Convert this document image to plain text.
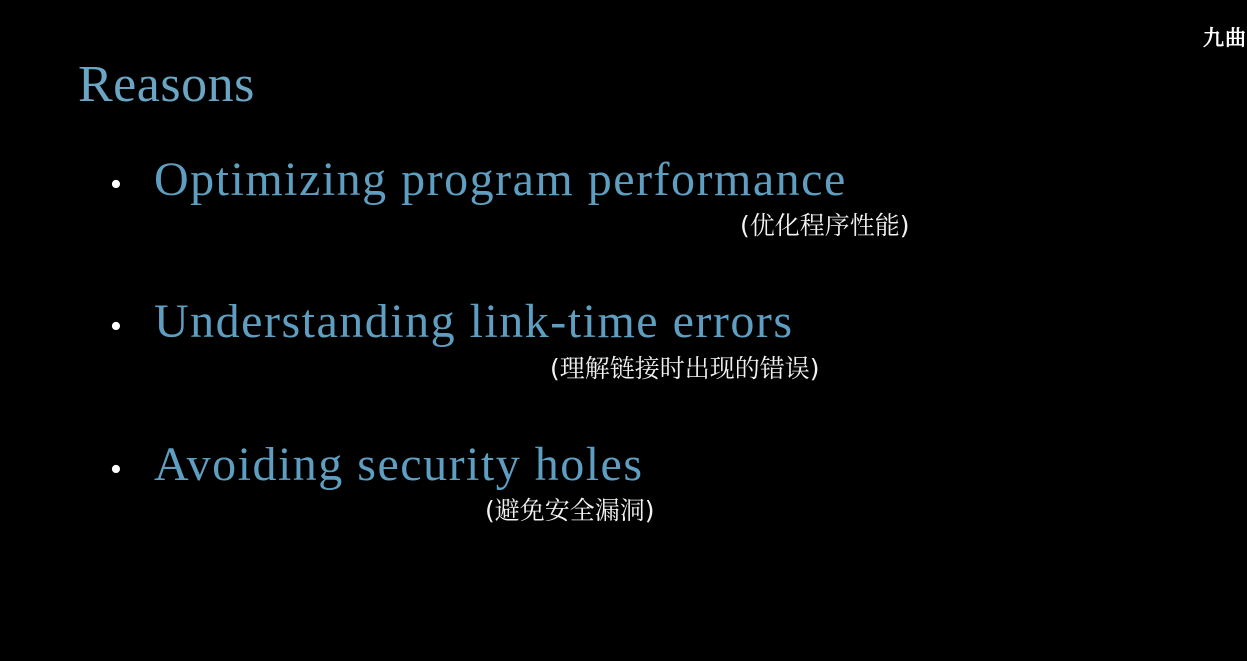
九曲
Reasons
• Optimizing program performance
(优化程序性能)
• Understanding link-time errors
(理解链接时出现的错误)
• Avoiding security holes
(避免安全漏洞)
